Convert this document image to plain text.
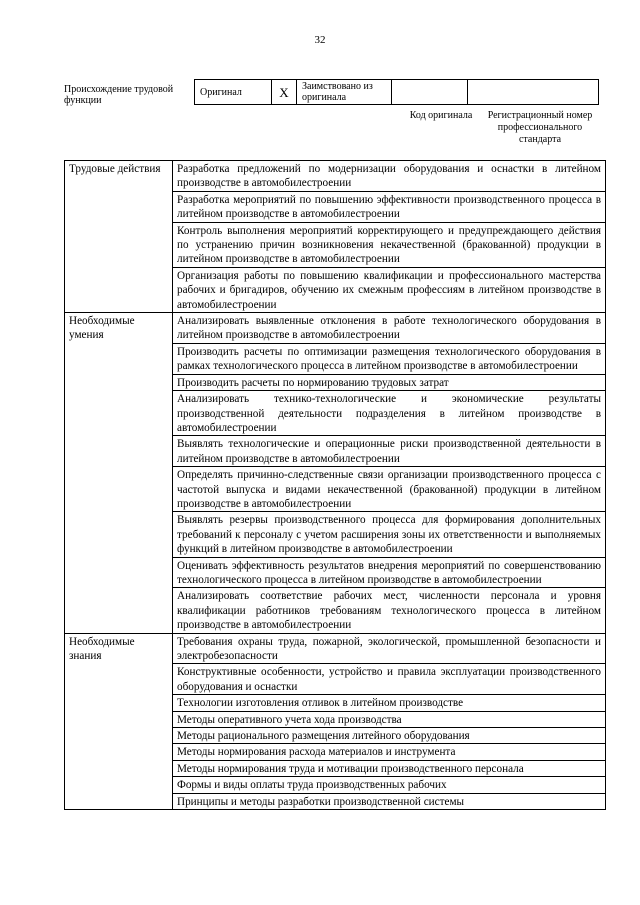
32
Происхождение трудовой функции
Оригинал	X	Заимствовано из оригинала		
Код оригинала	Регистрационный номер профессионального стандарта
Трудовые действия	Разработка предложений по модернизации оборудования и оснастки в литейном производстве в автомобилестроении
	Разработка мероприятий по повышению эффективности производственного процесса в литейном производстве в автомобилестроении
	Контроль выполнения мероприятий корректирующего и предупреждающего действия по устранению причин возникновения некачественной (бракованной) продукции в литейном производстве в автомобилестроении
	Организация работы по повышению квалификации и профессионального мастерства рабочих и бригадиров, обучению их смежным профессиям в литейном производстве в автомобилестроении
Необходимые умения	Анализировать выявленные отклонения в работе технологического оборудования в литейном производстве в автомобилестроении
	Производить расчеты по оптимизации размещения технологического оборудования в рамках технологического процесса в литейном производстве в автомобилестроении
	Производить расчеты по нормированию трудовых затрат
	Анализировать технико-технологические и экономические результаты производственной деятельности подразделения в литейном производстве в автомобилестроении
	Выявлять технологические и операционные риски производственной деятельности в литейном производстве в автомобилестроении
	Определять причинно-следственные связи организации производственного процесса с частотой выпуска и видами некачественной (бракованной) продукции в литейном производстве в автомобилестроении
	Выявлять резервы производственного процесса для формирования дополнительных требований к персоналу с учетом расширения зоны их ответственности и выполняемых функций в литейном производстве в автомобилестроении
	Оценивать эффективность результатов внедрения мероприятий по совершенствованию технологического процесса в литейном производстве в автомобилестроении
	Анализировать соответствие рабочих мест, численности персонала и уровня квалификации работников требованиям технологического процесса в литейном производстве в автомобилестроении
Необходимые знания	Требования охраны труда, пожарной, экологической, промышленной безопасности и электробезопасности
	Конструктивные особенности, устройство и правила эксплуатации производственного оборудования и оснастки
	Технологии изготовления отливок в литейном производстве
	Методы оперативного учета хода производства
	Методы рационального размещения литейного оборудования
	Методы нормирования расхода материалов и инструмента
	Методы нормирования труда и мотивации производственного персонала
	Формы и виды оплаты труда производственных рабочих
	Принципы и методы разработки производственной системы
